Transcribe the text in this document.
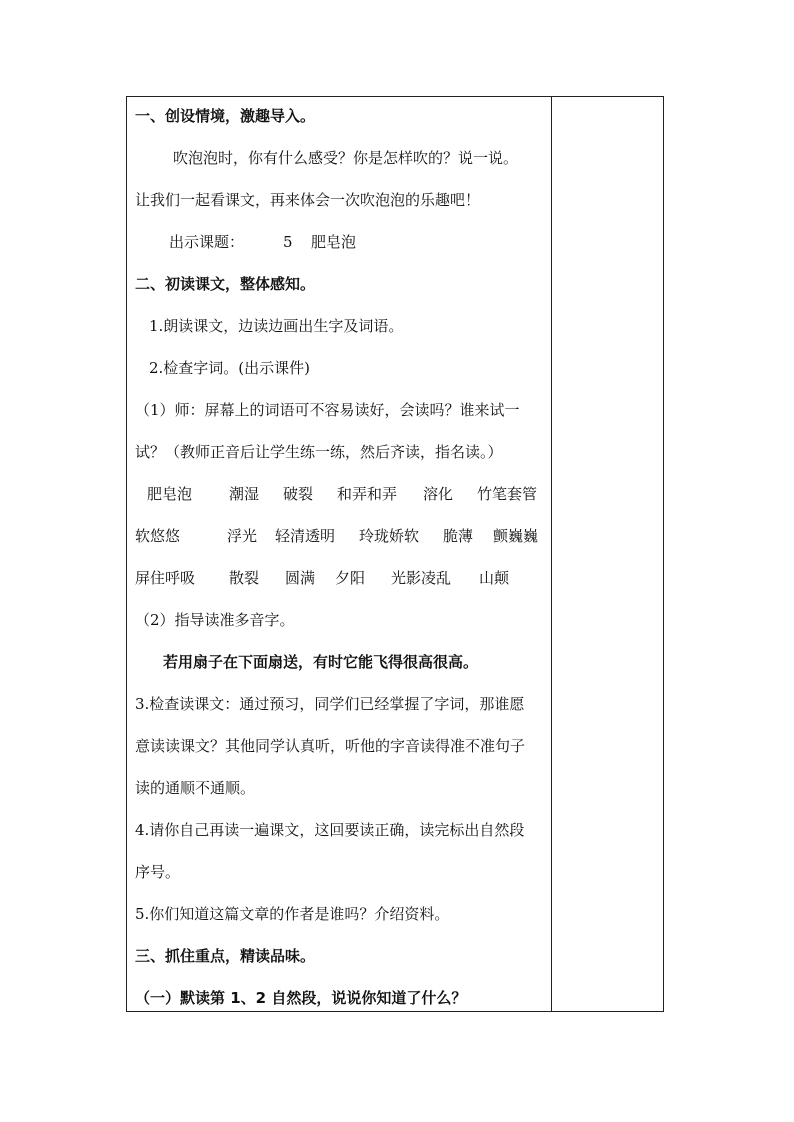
一、创设情境，激趣导入。
吹泡泡时，你有什么感受？你是怎样吹的？说一说。
让我们一起看课文，再来体会一次吹泡泡的乐趣吧！
出示课题：	5 肥皂泡
二、初读课文，整体感知。
1.朗读课文，边读边画出生字及词语。
2.检查字词。(出示课件)
（1）师：屏幕上的词语可不容易读好，会读吗？谁来试一
试？（教师正音后让学生练一练，然后齐读，指名读。）
肥皂泡 潮湿 破裂 和弄和弄 溶化 竹笔套管
软悠悠	浮光 轻清透明 玲珑娇软 脆薄 颤巍巍
屏住呼吸 散裂 圆满 夕阳 光影凌乱 山颠
（2）指导读准多音字。
若用扇子在下面扇送，有时它能飞得很高很高。
3.检查读课文：通过预习，同学们已经掌握了字词，那谁愿
意读读课文？其他同学认真听，听他的字音读得准不准句子
读的通顺不通顺。
4.请你自己再读一遍课文，这回要读正确，读完标出自然段
序号。
5.你们知道这篇文章的作者是谁吗？介绍资料。
三、抓住重点，精读品味。
（一）默读第 1、2 自然段，说说你知道了什么？
